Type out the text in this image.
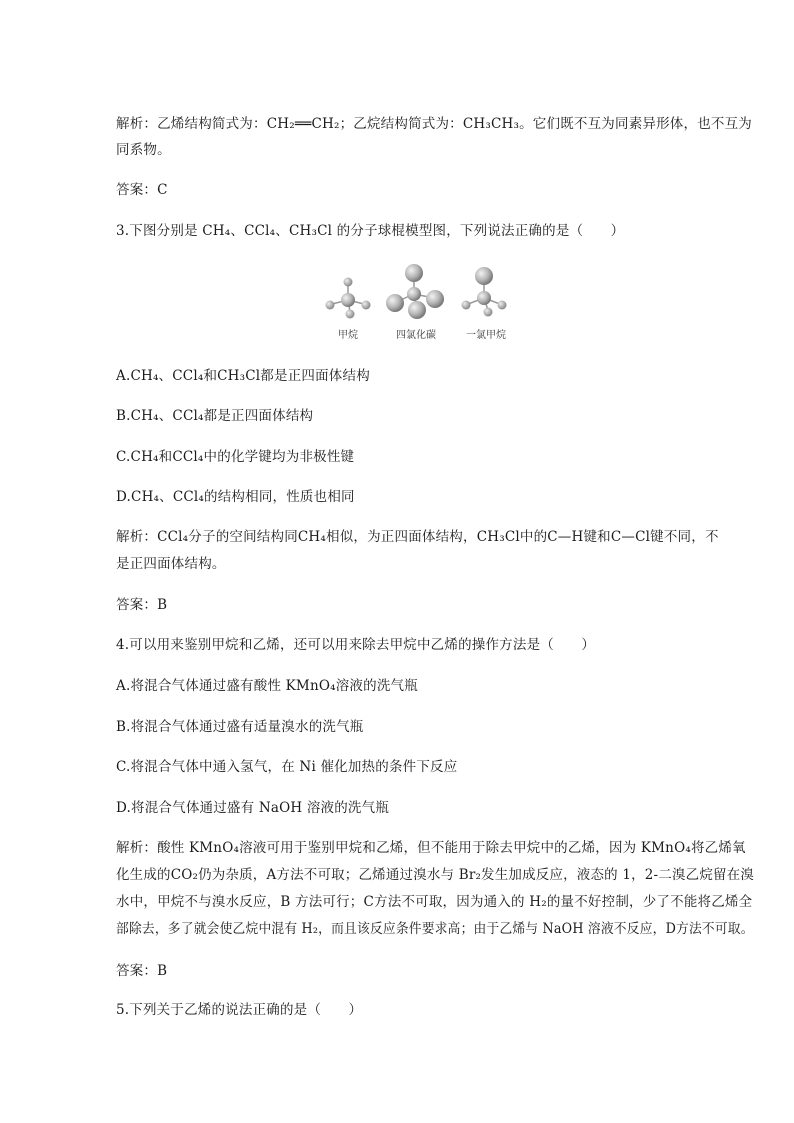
解析：乙烯结构简式为：CH₂══CH₂；乙烷结构简式为：CH₃CH₃。它们既不互为同素异形体，也不互为
同系物。
答案：C
3.下图分别是 CH₄、CCl₄、CH₃Cl 的分子球棍模型图，下列说法正确的是（　　）
甲烷	四氯化碳	一氯甲烷
A.CH₄、CCl₄和CH₃Cl都是正四面体结构
B.CH₄、CCl₄都是正四面体结构
C.CH₄和CCl₄中的化学键均为非极性键
D.CH₄、CCl₄的结构相同，性质也相同
解析：CCl₄分子的空间结构同CH₄相似，为正四面体结构，CH₃Cl中的C—H键和C—Cl键不同，不
是正四面体结构。
答案：B
4.可以用来鉴别甲烷和乙烯，还可以用来除去甲烷中乙烯的操作方法是（　　）
A.将混合气体通过盛有酸性 KMnO₄溶液的洗气瓶
B.将混合气体通过盛有适量溴水的洗气瓶
C.将混合气体中通入氢气，在 Ni 催化加热的条件下反应
D.将混合气体通过盛有 NaOH 溶液的洗气瓶
解析：酸性 KMnO₄溶液可用于鉴别甲烷和乙烯，但不能用于除去甲烷中的乙烯，因为 KMnO₄将乙烯氧
化生成的CO₂仍为杂质，A方法不可取；乙烯通过溴水与 Br₂发生加成反应，液态的 1，2-二溴乙烷留在溴
水中，甲烷不与溴水反应，B 方法可行；C方法不可取，因为通入的 H₂的量不好控制，少了不能将乙烯全
部除去，多了就会使乙烷中混有 H₂，而且该反应条件要求高；由于乙烯与 NaOH 溶液不反应，D方法不可取。
答案：B
5.下列关于乙烯的说法正确的是（　　）
